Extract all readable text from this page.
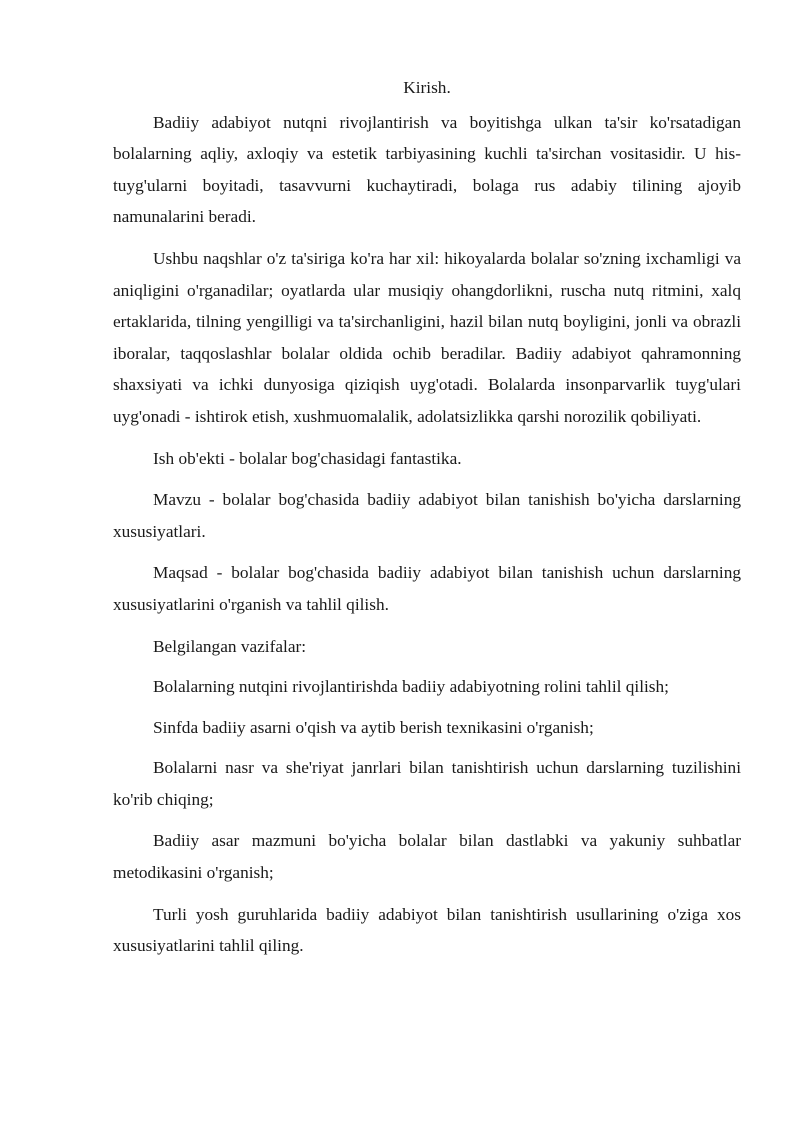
Kirish.

Badiiy adabiyot nutqni rivojlantirish va boyitishga ulkan ta'sir ko'rsatadigan bolalarning aqliy, axloqiy va estetik tarbiyasining kuchli ta'sirchan vositasidir. U his-tuyg'ularni boyitadi, tasavvurni kuchaytiradi, bolaga rus adabiy tilining ajoyib namunalarini beradi.

Ushbu naqshlar o'z ta'siriga ko'ra har xil: hikoyalarda bolalar so'zning ixchamligi va aniqligini o'rganadilar; oyatlarda ular musiqiy ohangdorlikni, ruscha nutq ritmini, xalq ertaklarida, tilning yengilligi va ta'sirchanligini, hazil bilan nutq boyligini, jonli va obrazli iboralar, taqqoslashlar bolalar oldida ochib beradilar. Badiiy adabiyot qahramonning shaxsiyati va ichki dunyosiga qiziqish uyg'otadi. Bolalarda insonparvarlik tuyg'ulari uyg'onadi - ishtirok etish, xushmuomalalik, adolatsizlikka qarshi norozilik qobiliyati.

Ish ob'ekti - bolalar bog'chasidagi fantastika.

Mavzu - bolalar bog'chasida badiiy adabiyot bilan tanishish bo'yicha darslarning xususiyatlari.

Maqsad - bolalar bog'chasida badiiy adabiyot bilan tanishish uchun darslarning xususiyatlarini o'rganish va tahlil qilish.

Belgilangan vazifalar:

Bolalarning nutqini rivojlantirishda badiiy adabiyotning rolini tahlil qilish;

Sinfda badiiy asarni o'qish va aytib berish texnikasini o'rganish;

Bolalarni nasr va she'riyat janrlari bilan tanishtirish uchun darslarning tuzilishini ko'rib chiqing;

Badiiy asar mazmuni bo'yicha bolalar bilan dastlabki va yakuniy suhbatlar metodikasini o'rganish;

Turli yosh guruhlarida badiiy adabiyot bilan tanishtirish usullarining o'ziga xos xususiyatlarini tahlil qiling.
